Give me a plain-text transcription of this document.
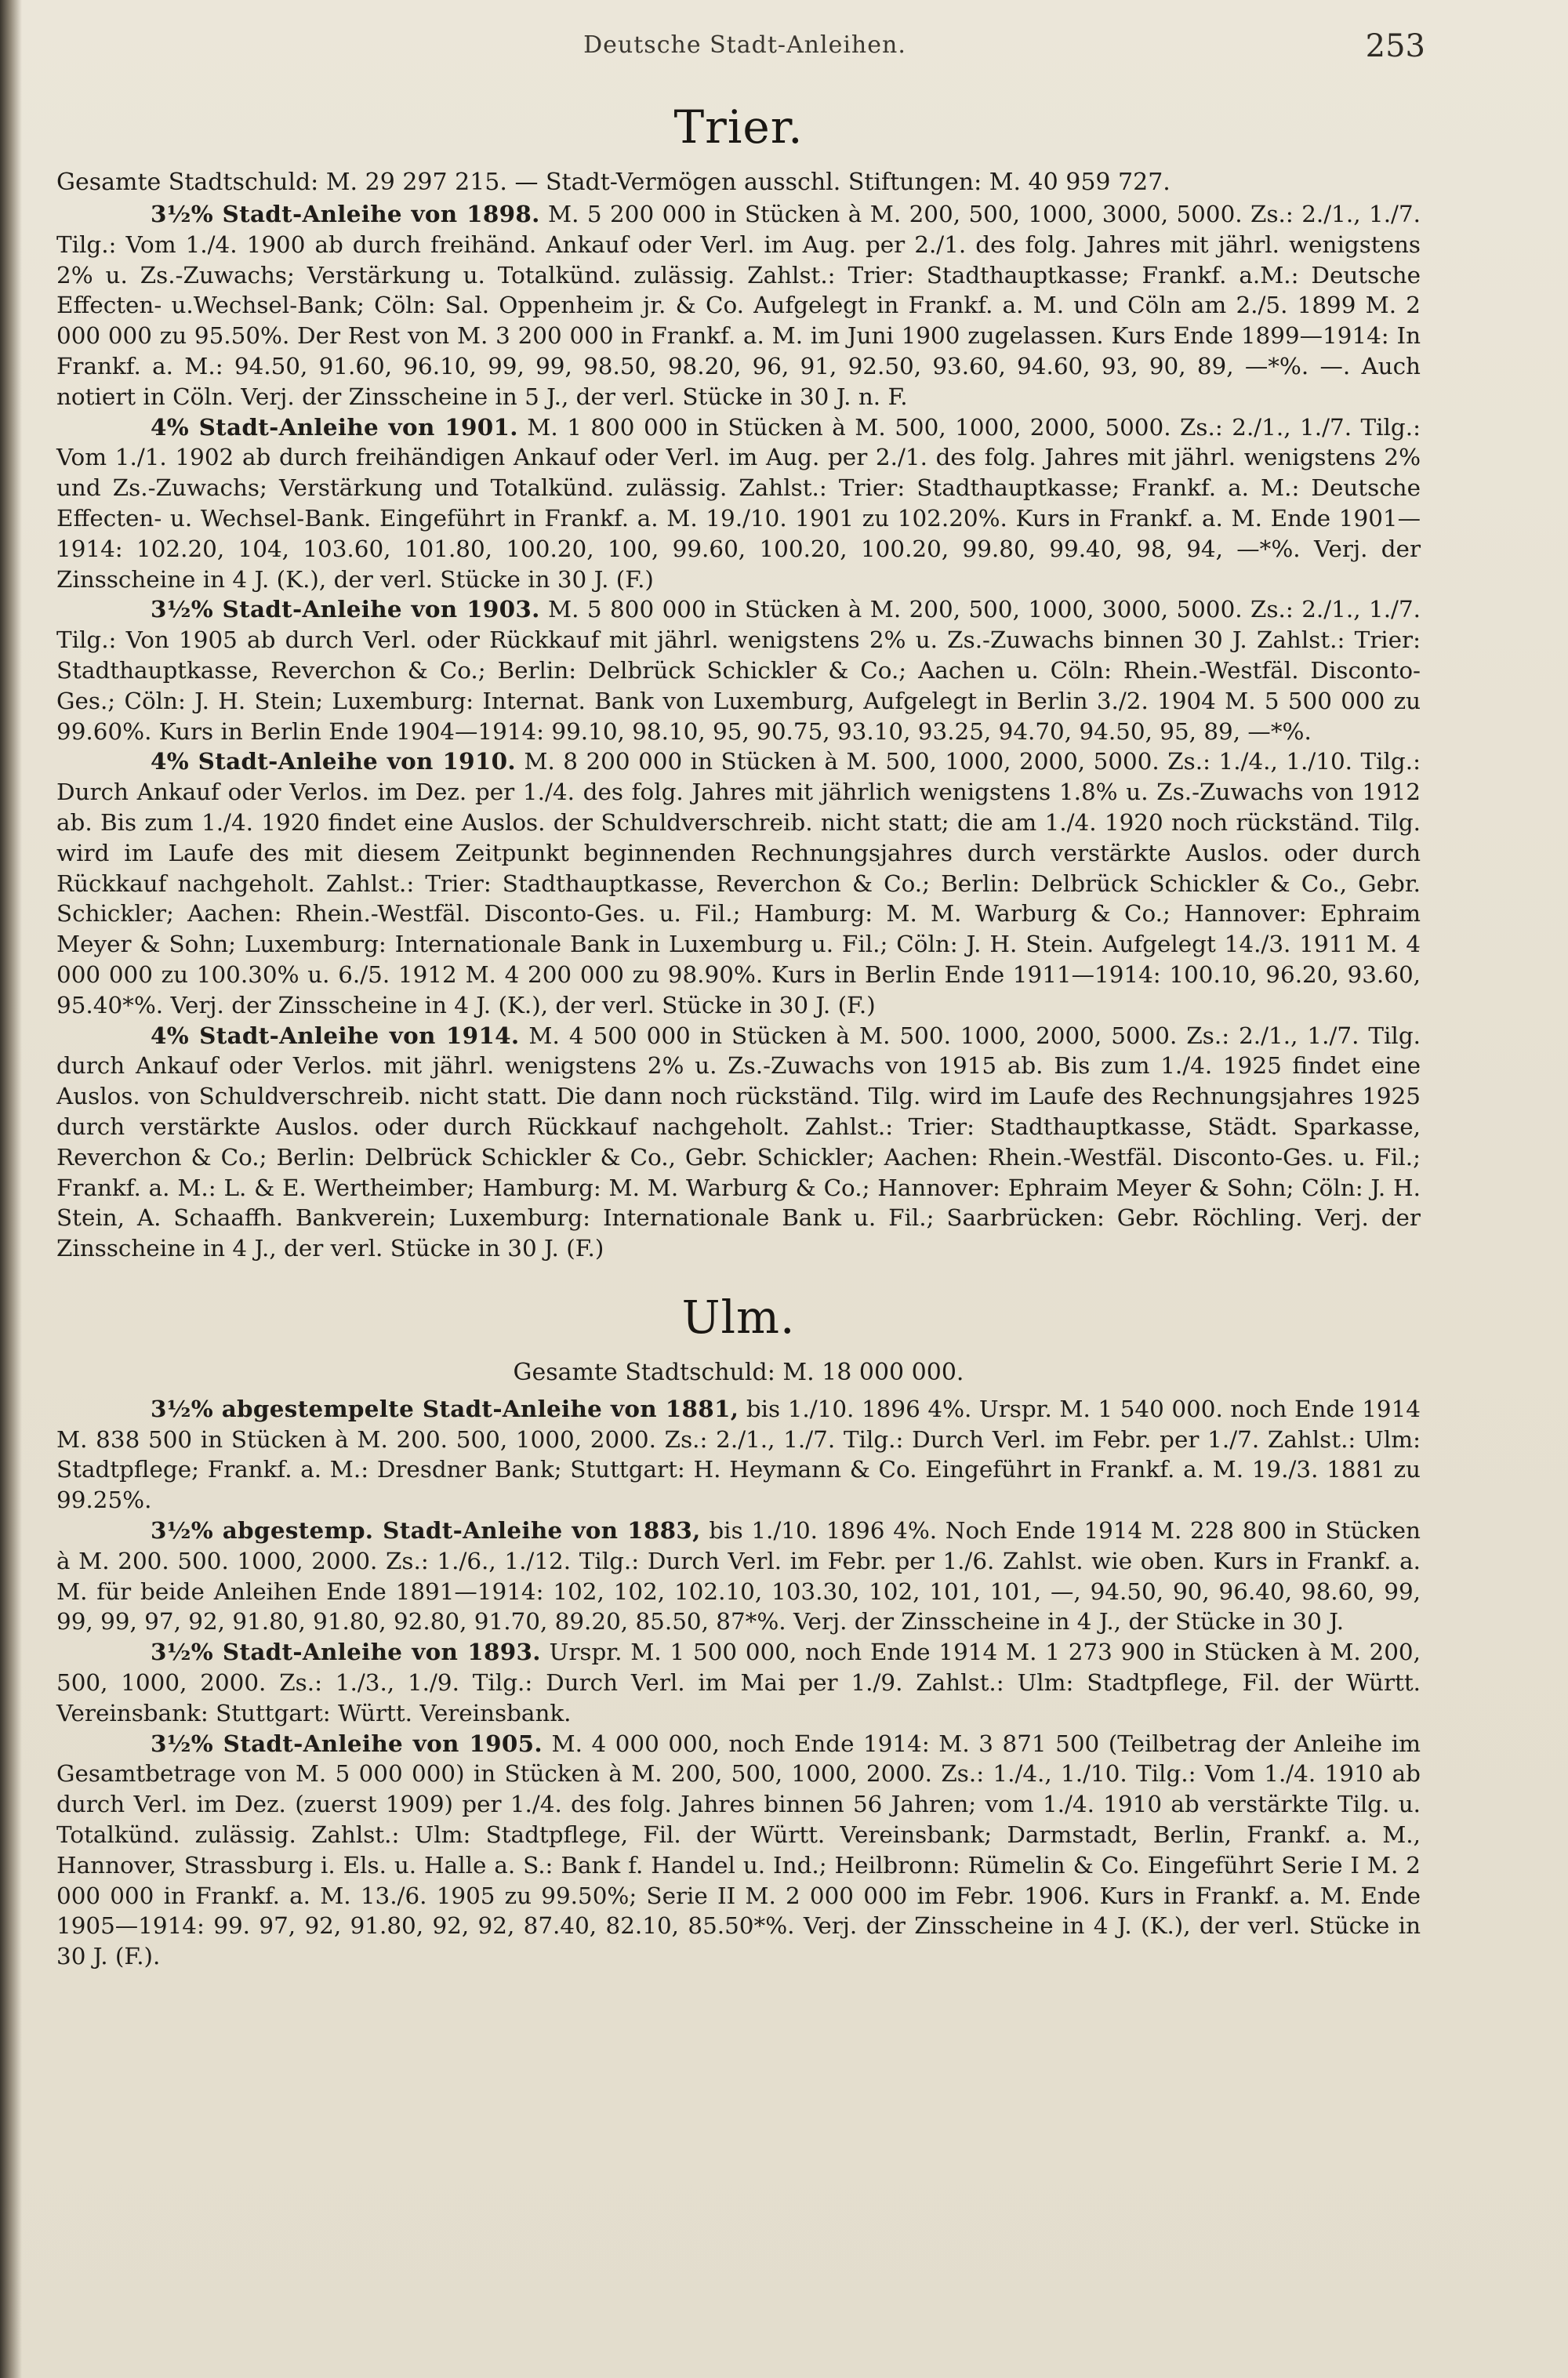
Deutsche Stadt-Anleihen.	253
Trier.

Gesamte Stadtschuld: M. 29 297 215. — Stadt-Vermögen ausschl. Stiftungen: M. 40 959 727.

3½% Stadt-Anleihe von 1898. M. 5 200 000 in Stücken à M. 200, 500, 1000, 3000, 5000. Zs.: 2./1., 1./7. Tilg.: Vom 1./4. 1900 ab durch freihänd. Ankauf oder Verl. im Aug. per 2./1. des folg. Jahres mit jährl. wenigstens 2% u. Zs.-Zuwachs; Verstärkung u. Totalkünd. zulässig. Zahlst.: Trier: Stadthauptkasse; Frankf. a.M.: Deutsche Effecten- u.Wechsel-Bank; Cöln: Sal. Oppenheim jr. & Co. Aufgelegt in Frankf. a. M. und Cöln am 2./5. 1899 M. 2 000 000 zu 95.50%. Der Rest von M. 3 200 000 in Frankf. a. M. im Juni 1900 zugelassen. Kurs Ende 1899—1914: In Frankf. a. M.: 94.50, 91.60, 96.10, 99, 99, 98.50, 98.20, 96, 91, 92.50, 93.60, 94.60, 93, 90, 89, —*%. —. Auch notiert in Cöln. Verj. der Zinsscheine in 5 J., der verl. Stücke in 30 J. n. F.

4% Stadt-Anleihe von 1901. M. 1 800 000 in Stücken à M. 500, 1000, 2000, 5000. Zs.: 2./1., 1./7. Tilg.: Vom 1./1. 1902 ab durch freihändigen Ankauf oder Verl. im Aug. per 2./1. des folg. Jahres mit jährl. wenigstens 2% und Zs.-Zuwachs; Verstärkung und Totalkünd. zulässig. Zahlst.: Trier: Stadthauptkasse; Frankf. a. M.: Deutsche Effecten- u. Wechsel-Bank. Eingeführt in Frankf. a. M. 19./10. 1901 zu 102.20%. Kurs in Frankf. a. M. Ende 1901—1914: 102.20, 104, 103.60, 101.80, 100.20, 100, 99.60, 100.20, 100.20, 99.80, 99.40, 98, 94, —*%. Verj. der Zinsscheine in 4 J. (K.), der verl. Stücke in 30 J. (F.)

3½% Stadt-Anleihe von 1903. M. 5 800 000 in Stücken à M. 200, 500, 1000, 3000, 5000. Zs.: 2./1., 1./7. Tilg.: Von 1905 ab durch Verl. oder Rückkauf mit jährl. wenigstens 2% u. Zs.-Zuwachs binnen 30 J. Zahlst.: Trier: Stadthauptkasse, Reverchon & Co.; Berlin: Delbrück Schickler & Co.; Aachen u. Cöln: Rhein.-Westfäl. Disconto-Ges.; Cöln: J. H. Stein; Luxemburg: Internat. Bank von Luxemburg, Aufgelegt in Berlin 3./2. 1904 M. 5 500 000 zu 99.60%. Kurs in Berlin Ende 1904—1914: 99.10, 98.10, 95, 90.75, 93.10, 93.25, 94.70, 94.50, 95, 89, —*%.

4% Stadt-Anleihe von 1910. M. 8 200 000 in Stücken à M. 500, 1000, 2000, 5000. Zs.: 1./4., 1./10. Tilg.: Durch Ankauf oder Verlos. im Dez. per 1./4. des folg. Jahres mit jährlich wenigstens 1.8% u. Zs.-Zuwachs von 1912 ab. Bis zum 1./4. 1920 findet eine Auslos. der Schuldverschreib. nicht statt; die am 1./4. 1920 noch rückständ. Tilg. wird im Laufe des mit diesem Zeitpunkt beginnenden Rechnungsjahres durch verstärkte Auslos. oder durch Rückkauf nachgeholt. Zahlst.: Trier: Stadthauptkasse, Reverchon & Co.; Berlin: Delbrück Schickler & Co., Gebr. Schickler; Aachen: Rhein.-Westfäl. Disconto-Ges. u. Fil.; Hamburg: M. M. Warburg & Co.; Hannover: Ephraim Meyer & Sohn; Luxemburg: Internationale Bank in Luxemburg u. Fil.; Cöln: J. H. Stein. Aufgelegt 14./3. 1911 M. 4 000 000 zu 100.30% u. 6./5. 1912 M. 4 200 000 zu 98.90%. Kurs in Berlin Ende 1911—1914: 100.10, 96.20, 93.60, 95.40*%. Verj. der Zinsscheine in 4 J. (K.), der verl. Stücke in 30 J. (F.)

4% Stadt-Anleihe von 1914. M. 4 500 000 in Stücken à M. 500. 1000, 2000, 5000. Zs.: 2./1., 1./7. Tilg. durch Ankauf oder Verlos. mit jährl. wenigstens 2% u. Zs.-Zuwachs von 1915 ab. Bis zum 1./4. 1925 findet eine Auslos. von Schuldverschreib. nicht statt. Die dann noch rückständ. Tilg. wird im Laufe des Rechnungsjahres 1925 durch verstärkte Auslos. oder durch Rückkauf nachgeholt. Zahlst.: Trier: Stadthauptkasse, Städt. Sparkasse, Reverchon & Co.; Berlin: Delbrück Schickler & Co., Gebr. Schickler; Aachen: Rhein.-Westfäl. Disconto-Ges. u. Fil.; Frankf. a. M.: L. & E. Wertheimber; Hamburg: M. M. Warburg & Co.; Hannover: Ephraim Meyer & Sohn; Cöln: J. H. Stein, A. Schaaffh. Bankverein; Luxemburg: Internationale Bank u. Fil.; Saarbrücken: Gebr. Röchling. Verj. der Zinsscheine in 4 J., der verl. Stücke in 30 J. (F.)

Ulm.

Gesamte Stadtschuld: M. 18 000 000.

3½% abgestempelte Stadt-Anleihe von 1881, bis 1./10. 1896 4%. Urspr. M. 1 540 000. noch Ende 1914 M. 838 500 in Stücken à M. 200. 500, 1000, 2000. Zs.: 2./1., 1./7. Tilg.: Durch Verl. im Febr. per 1./7. Zahlst.: Ulm: Stadtpflege; Frankf. a. M.: Dresdner Bank; Stuttgart: H. Heymann & Co. Eingeführt in Frankf. a. M. 19./3. 1881 zu 99.25%.

3½% abgestemp. Stadt-Anleihe von 1883, bis 1./10. 1896 4%. Noch Ende 1914 M. 228 800 in Stücken à M. 200. 500. 1000, 2000. Zs.: 1./6., 1./12. Tilg.: Durch Verl. im Febr. per 1./6. Zahlst. wie oben. Kurs in Frankf. a. M. für beide Anleihen Ende 1891—1914: 102, 102, 102.10, 103.30, 102, 101, 101, —, 94.50, 90, 96.40, 98.60, 99, 99, 99, 97, 92, 91.80, 91.80, 92.80, 91.70, 89.20, 85.50, 87*%. Verj. der Zinsscheine in 4 J., der Stücke in 30 J.

3½% Stadt-Anleihe von 1893. Urspr. M. 1 500 000, noch Ende 1914 M. 1 273 900 in Stücken à M. 200, 500, 1000, 2000. Zs.: 1./3., 1./9. Tilg.: Durch Verl. im Mai per 1./9. Zahlst.: Ulm: Stadtpflege, Fil. der Württ. Vereinsbank: Stuttgart: Württ. Vereinsbank.

3½% Stadt-Anleihe von 1905. M. 4 000 000, noch Ende 1914: M. 3 871 500 (Teilbetrag der Anleihe im Gesamtbetrage von M. 5 000 000) in Stücken à M. 200, 500, 1000, 2000. Zs.: 1./4., 1./10. Tilg.: Vom 1./4. 1910 ab durch Verl. im Dez. (zuerst 1909) per 1./4. des folg. Jahres binnen 56 Jahren; vom 1./4. 1910 ab verstärkte Tilg. u. Totalkünd. zulässig. Zahlst.: Ulm: Stadtpflege, Fil. der Württ. Vereinsbank; Darmstadt, Berlin, Frankf. a. M., Hannover, Strassburg i. Els. u. Halle a. S.: Bank f. Handel u. Ind.; Heilbronn: Rümelin & Co. Eingeführt Serie I M. 2 000 000 in Frankf. a. M. 13./6. 1905 zu 99.50%; Serie II M. 2 000 000 im Febr. 1906. Kurs in Frankf. a. M. Ende 1905—1914: 99. 97, 92, 91.80, 92, 92, 87.40, 82.10, 85.50*%. Verj. der Zinsscheine in 4 J. (K.), der verl. Stücke in 30 J. (F.).
